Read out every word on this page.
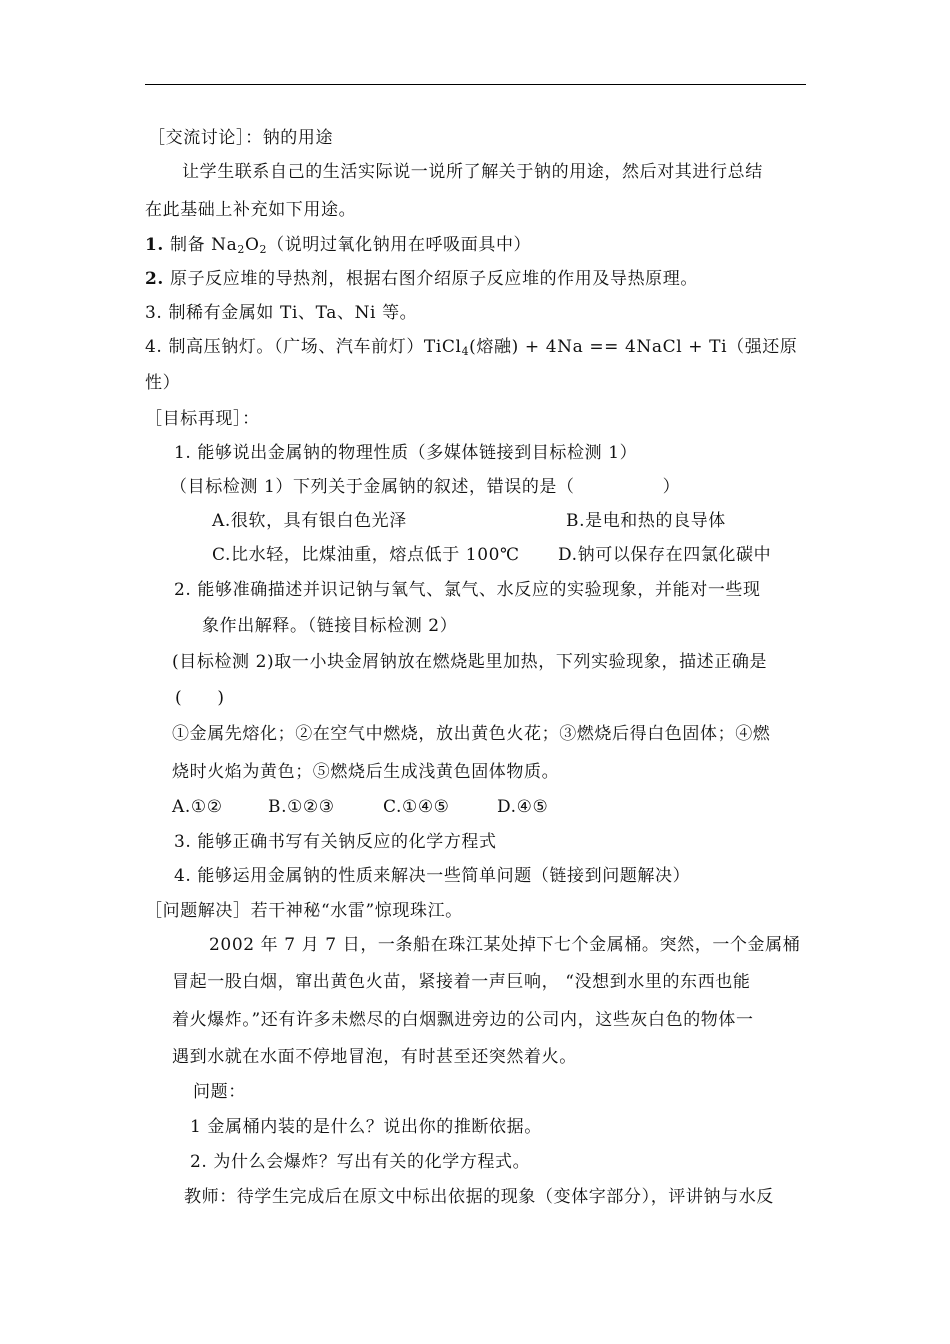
［交流讨论］：钠的用途
让学生联系自己的生活实际说一说所了解关于钠的用途，然后对其进行总结
在此基础上补充如下用途。
1. 制备 $Na_2O_2$（说明过氧化钠用在呼吸面具中）
2. 原子反应堆的导热剂，根据右图介绍原子反应堆的作用及导热原理。
3. 制稀有金属如 Ti、Ta、Ni 等。
4. 制高压钠灯。（广场、汽车前灯）TiCl$_4$(熔融) + 4Na == 4NaCl + Ti（强还原
性）
［目标再现］：
1. 能够说出金属钠的物理性质（多媒体链接到目标检测 1）
（目标检测 1）下列关于金属钠的叙述，错误的是（　　　　　）
A.很软，具有银白色光泽	B.是电和热的良导体
C.比水轻，比煤油重，熔点低于 100℃ D.钠可以保存在四氯化碳中
2. 能够准确描述并识记钠与氧气、氯气、水反应的实验现象，并能对一些现
象作出解释。（链接目标检测 2）
(目标检测 2)取一小块金屑钠放在燃烧匙里加热，下列实验现象，描述正确是
(　　)
①金属先熔化；②在空气中燃烧，放出黄色火花；③燃烧后得白色固体；④燃
烧时火焰为黄色；⑤燃烧后生成浅黄色固体物质。
A.①②	B.①②③	C.①④⑤	D.④⑤
3. 能够正确书写有关钠反应的化学方程式
4. 能够运用金属钠的性质来解决一些简单问题（链接到问题解决）
［问题解决］若干神秘“水雷”惊现珠江。
2002 年 7 月 7 日，一条船在珠江某处掉下七个金属桶。突然，一个金属桶
冒起一股白烟，窜出黄色火苗，紧接着一声巨响， “没想到水里的东西也能
着火爆炸。”还有许多未燃尽的白烟飘进旁边的公司内，这些灰白色的物体一
遇到水就在水面不停地冒泡，有时甚至还突然着火。
问题：
1 金属桶内装的是什么？说出你的推断依据。
2. 为什么会爆炸？写出有关的化学方程式。
教师：待学生完成后在原文中标出依据的现象（变体字部分），评讲钠与水反
